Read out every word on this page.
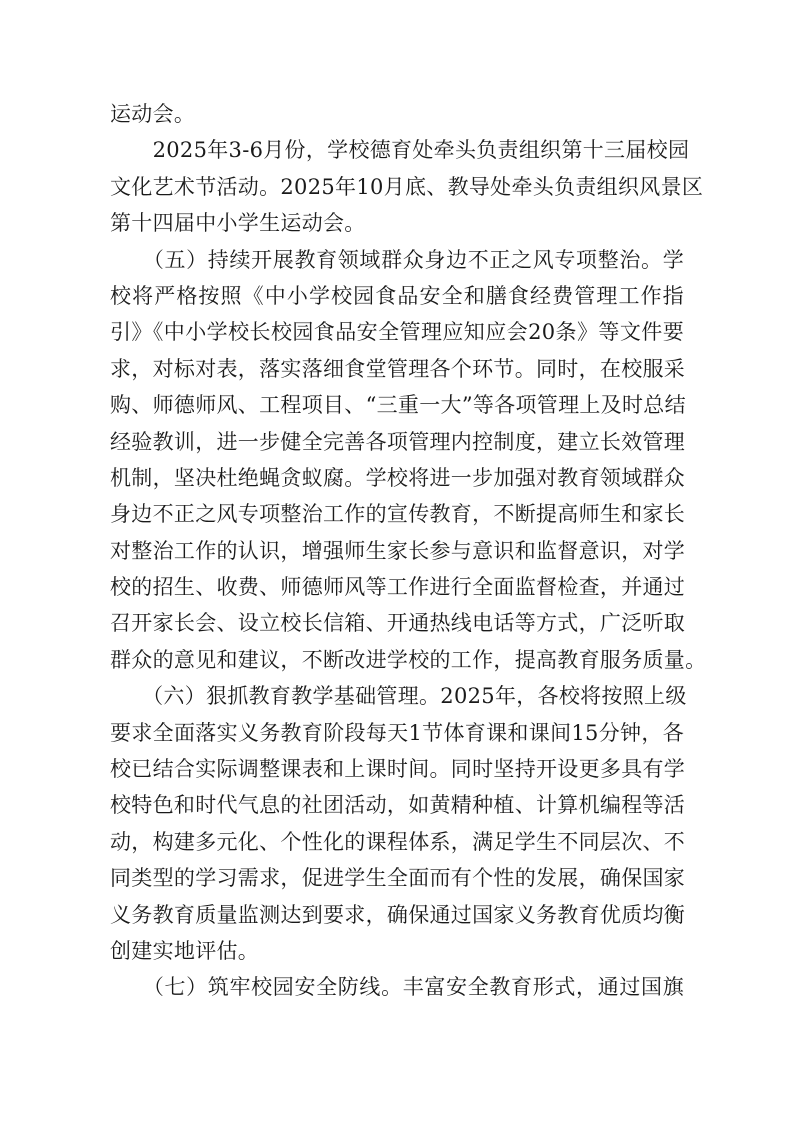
运动会。
　　2025年3-6月份，学校德育处牵头负责组织第十三届校园
文化艺术节活动。2025年10月底、教导处牵头负责组织风景区
第十四届中小学生运动会。
　　（五）持续开展教育领域群众身边不正之风专项整治。学
校将严格按照《中小学校园食品安全和膳食经费管理工作指
引》《中小学校长校园食品安全管理应知应会20条》等文件要
求，对标对表，落实落细食堂管理各个环节。同时，在校服采
购、师德师风、工程项目、“三重一大”等各项管理上及时总结
经验教训，进一步健全完善各项管理内控制度，建立长效管理
机制，坚决杜绝蝇贪蚁腐。学校将进一步加强对教育领域群众
身边不正之风专项整治工作的宣传教育，不断提高师生和家长
对整治工作的认识，增强师生家长参与意识和监督意识，对学
校的招生、收费、师德师风等工作进行全面监督检查，并通过
召开家长会、设立校长信箱、开通热线电话等方式，广泛听取
群众的意见和建议，不断改进学校的工作，提高教育服务质量。
　　（六）狠抓教育教学基础管理。2025年，各校将按照上级
要求全面落实义务教育阶段每天1节体育课和课间15分钟，各
校已结合实际调整课表和上课时间。同时坚持开设更多具有学
校特色和时代气息的社团活动，如黄精种植、计算机编程等活
动，构建多元化、个性化的课程体系，满足学生不同层次、不
同类型的学习需求，促进学生全面而有个性的发展，确保国家
义务教育质量监测达到要求，确保通过国家义务教育优质均衡
创建实地评估。
　　（七）筑牢校园安全防线。丰富安全教育形式，通过国旗
